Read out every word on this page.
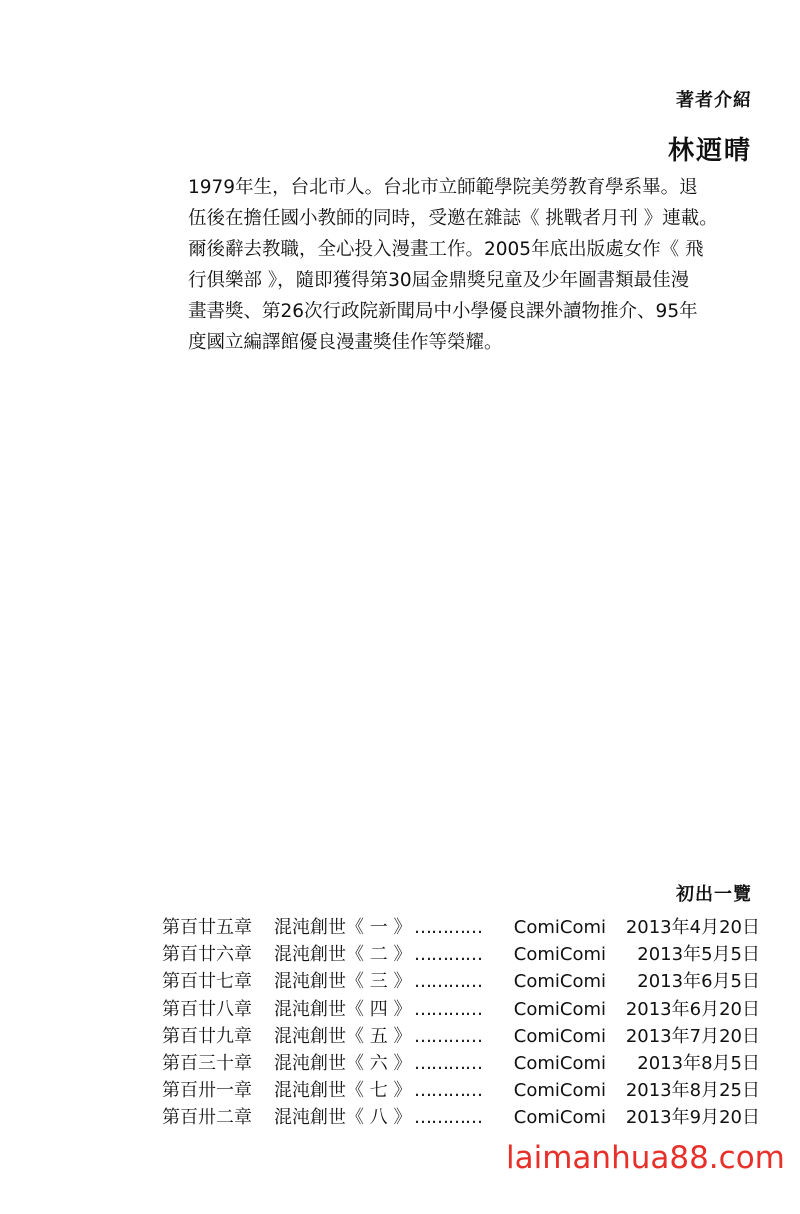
著者介紹
林迺晴
1979年生，台北市人。台北市立師範學院美勞教育學系畢。退
伍後在擔任國小教師的同時，受邀在雜誌《 挑戰者月刊 》連載。
爾後辭去教職，全心投入漫畫工作。2005年底出版處女作《 飛
行俱樂部 》，隨即獲得第30屆金鼎獎兒童及少年圖書類最佳漫
畫書獎、第26次行政院新聞局中小學優良課外讀物推介、95年
度國立編譯館優良漫畫獎佳作等榮耀。
初出一覽
第百廿五章	混沌創世《 一 》 …………	ComiComi	2013年4月20日
第百廿六章	混沌創世《 二 》 …………	ComiComi	2013年5月5日
第百廿七章	混沌創世《 三 》 …………	ComiComi	2013年6月5日
第百廿八章	混沌創世《 四 》 …………	ComiComi	2013年6月20日
第百廿九章	混沌創世《 五 》 …………	ComiComi	2013年7月20日
第百三十章	混沌創世《 六 》 …………	ComiComi	2013年8月5日
第百卅一章	混沌創世《 七 》 …………	ComiComi	2013年8月25日
第百卅二章	混沌創世《 八 》 …………	ComiComi	2013年9月20日
laimanhua88.com
